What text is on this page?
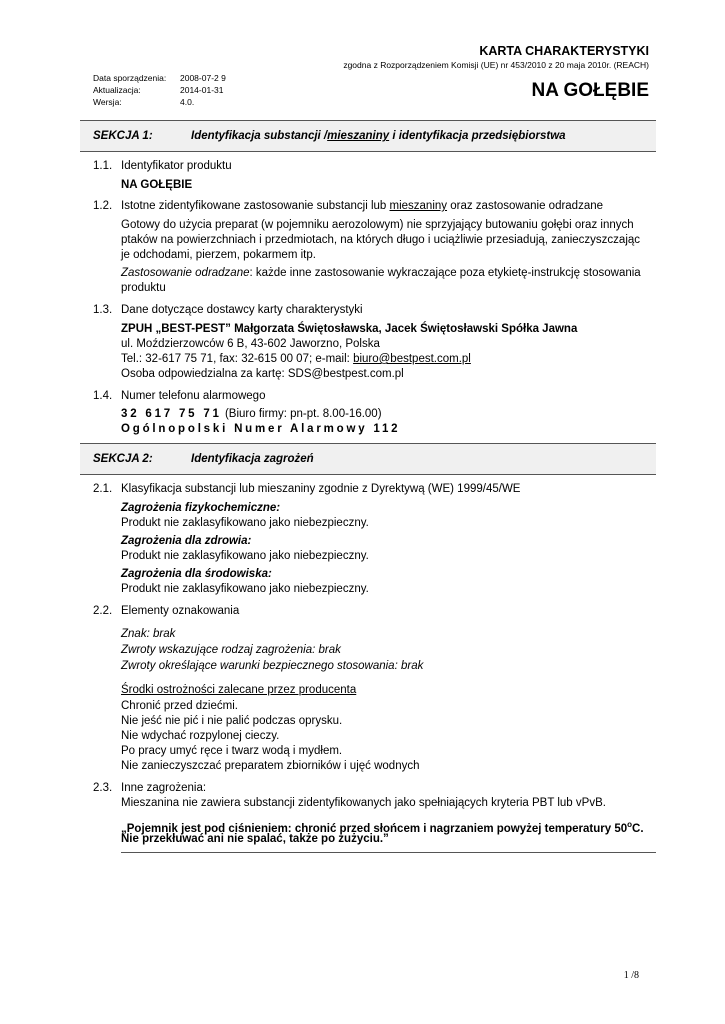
KARTA CHARAKTERYSTYKI
zgodna z Rozporządzeniem Komisji (UE) nr 453/2010 z 20 maja 2010r. (REACH)
NA GOŁĘBIE
Data sporządzenia:	2008-07-2 9
Aktualizacja:	2014-01-31
Wersja:	4.0.
SEKCJA 1:	Identyfikacja substancji /mieszaniny i identyfikacja przedsiębiorstwa
1.1. Identyfikator produktu
NA GOŁĘBIE
1.2. Istotne zidentyfikowane zastosowanie substancji lub mieszaniny oraz zastosowanie odradzane
Gotowy do użycia preparat (w pojemniku aerozolowym) nie sprzyjający butowaniu gołębi oraz innych
ptaków na powierzchniach i przedmiotach, na których długo i uciążliwie przesiadują, zanieczyszczając
je odchodami, pierzem, pokarmem itp.
Zastosowanie odradzane: każde inne zastosowanie wykraczające poza etykietę-instrukcję stosowania
produktu
1.3. Dane dotyczące dostawcy karty charakterystyki
ZPUH „BEST-PEST” Małgorzata Świętosławska, Jacek Świętosławski Spółka Jawna
ul. Moździerzowców 6 B, 43-602 Jaworzno, Polska
Tel.: 32-617 75 71, fax: 32-615 00 07; e-mail: biuro@bestpest.com.pl
Osoba odpowiedzialna za kartę: SDS@bestpest.com.pl
1.4. Numer telefonu alarmowego
32 617 75 71 (Biuro firmy: pn-pt. 8.00-16.00)
Ogólnopolski Numer Alarmowy 112
SEKCJA 2:	Identyfikacja zagrożeń
2.1. Klasyfikacja substancji lub mieszaniny zgodnie z Dyrektywą (WE) 1999/45/WE
Zagrożenia fizykochemiczne:
Produkt nie zaklasyfikowano jako niebezpieczny.
Zagrożenia dla zdrowia:
Produkt nie zaklasyfikowano jako niebezpieczny.
Zagrożenia dla środowiska:
Produkt nie zaklasyfikowano jako niebezpieczny.
2.2. Elementy oznakowania
Znak: brak
Zwroty wskazujące rodzaj zagrożenia: brak
Zwroty określające warunki bezpiecznego stosowania: brak
Środki ostrożności zalecane przez producenta
Chronić przed dziećmi.
Nie jeść nie pić i nie palić podczas oprysku.
Nie wdychać rozpylonej cieczy.
Po pracy umyć ręce i twarz wodą i mydłem.
Nie zanieczyszczać preparatem zbiorników i ujęć wodnych
2.3. Inne zagrożenia:
Mieszanina nie zawiera substancji zidentyfikowanych jako spełniających kryteria PBT lub vPvB.
„Pojemnik jest pod ciśnieniem: chronić przed słońcem i nagrzaniem powyżej temperatury 50$^o$C.
Nie przekłuwać ani nie spalać, także po zużyciu.”
1 /8
